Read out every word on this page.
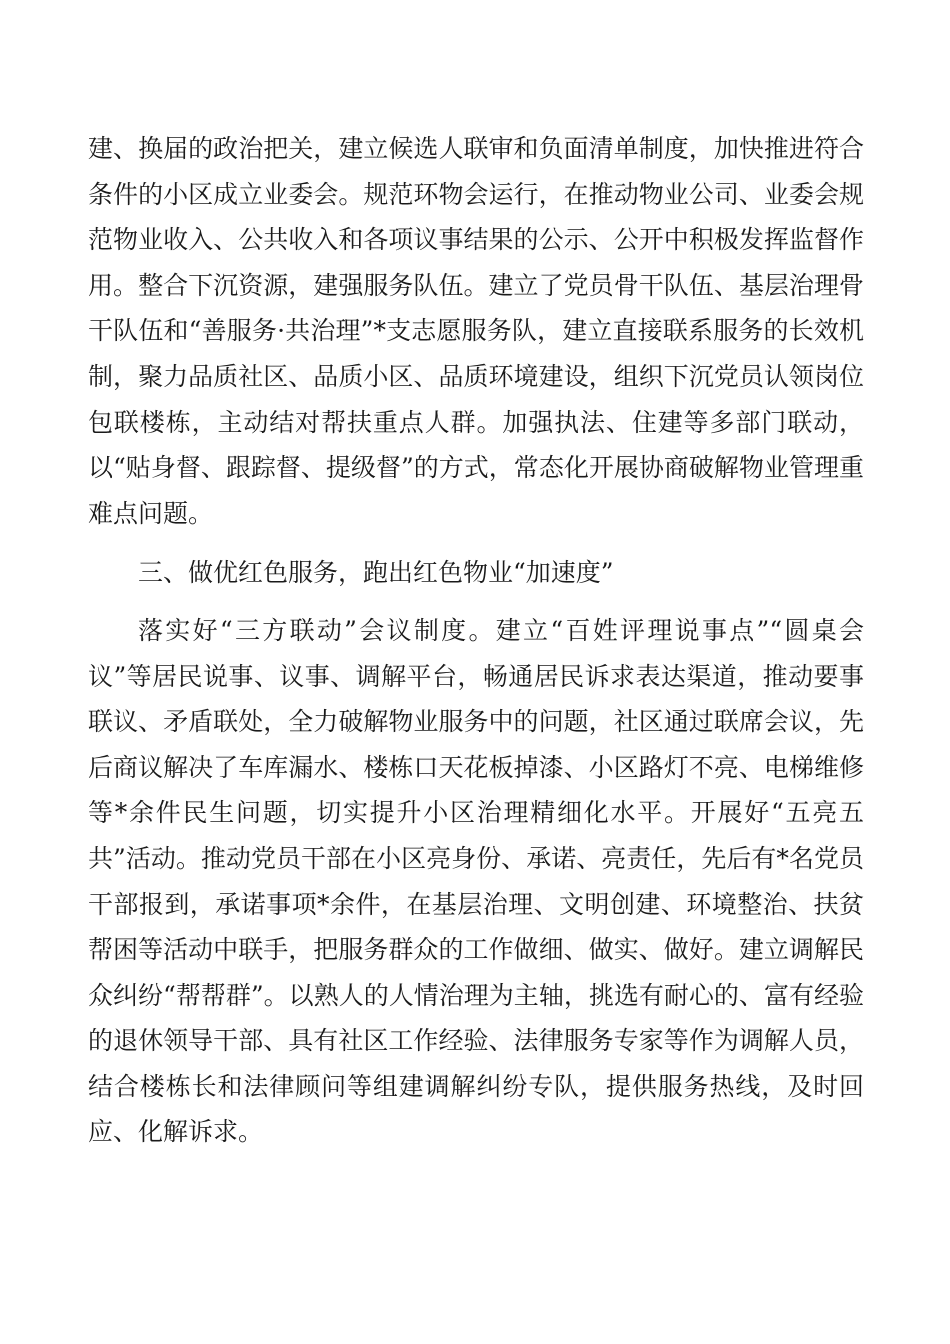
建、换届的政治把关，建立候选人联审和负面清单制度，加快推进符合条件的小区成立业委会。规范环物会运行，在推动物业公司、业委会规范物业收入、公共收入和各项议事结果的公示、公开中积极发挥监督作用。整合下沉资源，建强服务队伍。建立了党员骨干队伍、基层治理骨干队伍和“善服务·共治理”*支志愿服务队，建立直接联系服务的长效机制，聚力品质社区、品质小区、品质环境建设，组织下沉党员认领岗位包联楼栋，主动结对帮扶重点人群。加强执法、住建等多部门联动，以“贴身督、跟踪督、提级督”的方式，常态化开展协商破解物业管理重难点问题。

三、做优红色服务，跑出红色物业“加速度”

落实好“三方联动”会议制度。建立“百姓评理说事点”“圆桌会议”等居民说事、议事、调解平台，畅通居民诉求表达渠道，推动要事联议、矛盾联处，全力破解物业服务中的问题，社区通过联席会议，先后商议解决了车库漏水、楼栋口天花板掉漆、小区路灯不亮、电梯维修等*余件民生问题，切实提升小区治理精细化水平。开展好“五亮五共”活动。推动党员干部在小区亮身份、承诺、亮责任，先后有*名党员干部报到，承诺事项*余件，在基层治理、文明创建、环境整治、扶贫帮困等活动中联手，把服务群众的工作做细、做实、做好。建立调解民众纠纷“帮帮群”。以熟人的人情治理为主轴，挑选有耐心的、富有经验的退休领导干部、具有社区工作经验、法律服务专家等作为调解人员，结合楼栋长和法律顾问等组建调解纠纷专队，提供服务热线，及时回应、化解诉求。
